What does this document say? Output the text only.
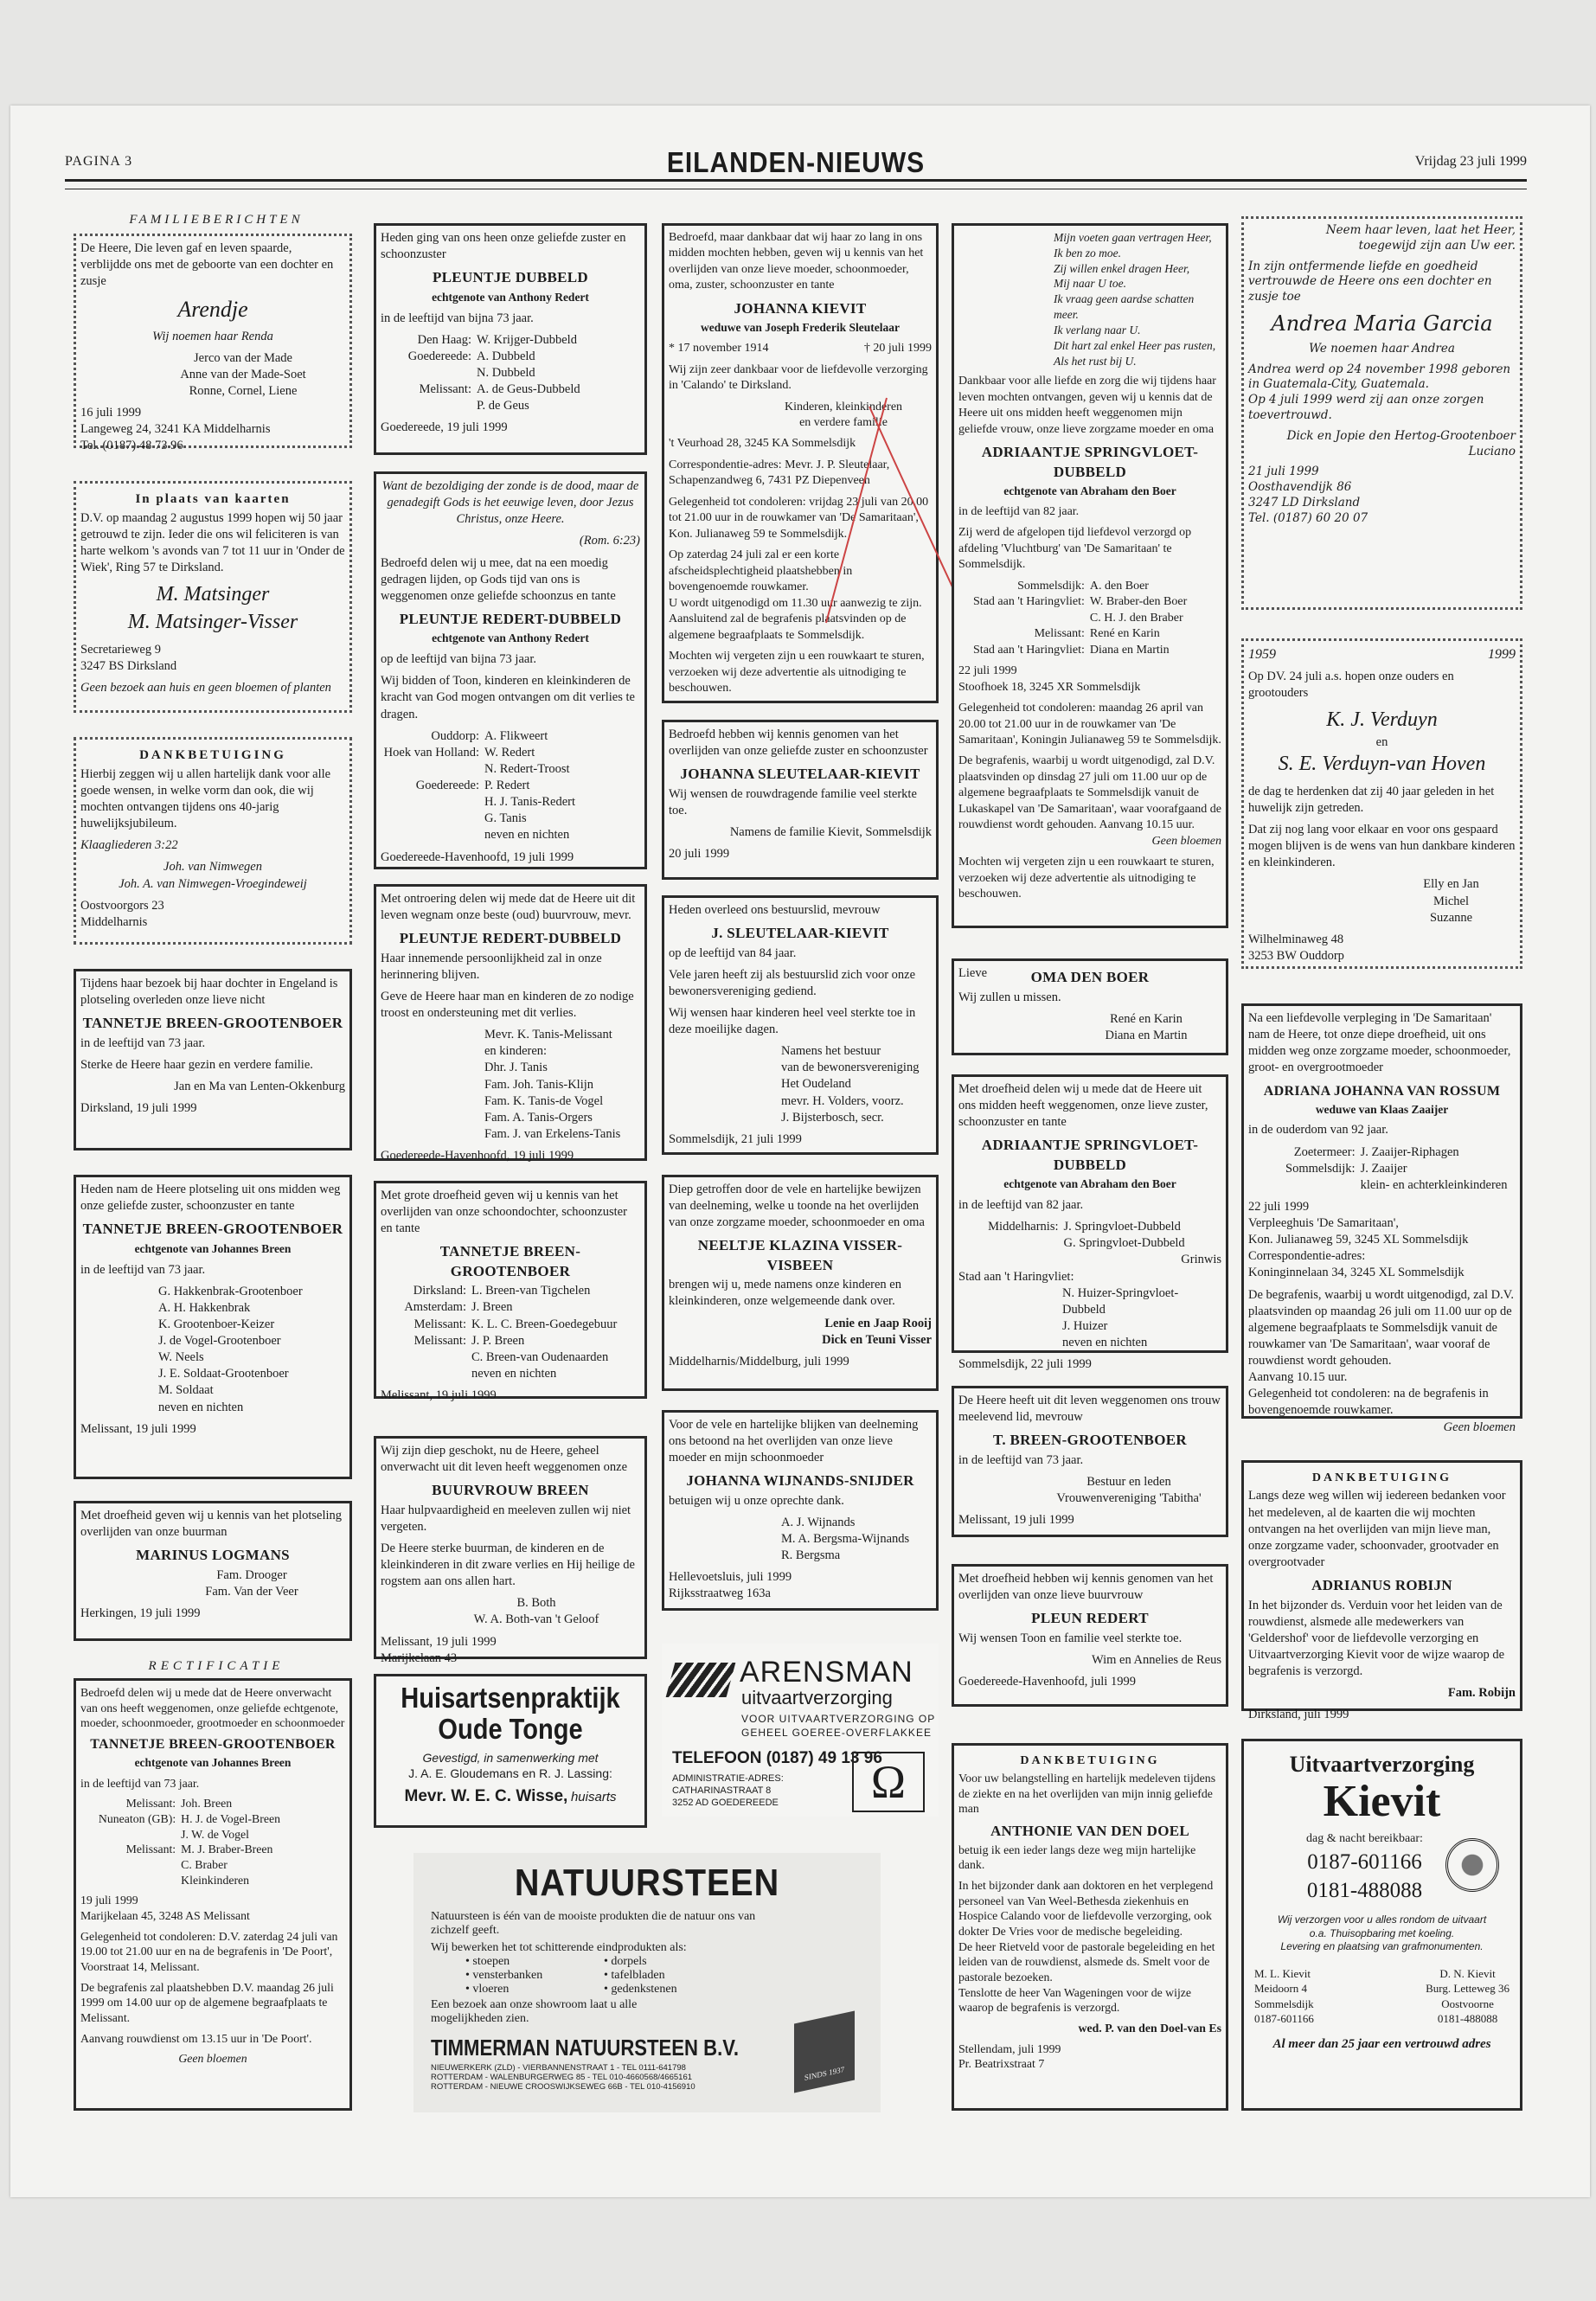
PAGINA 3	EILANDEN-NIEUWS	Vrijdag 23 juli 1999
FAMILIEBERICHTEN

De Heere, Die leven gaf en leven spaarde, verblijdde ons met de geboorte van een dochter en zusje

Arendje

Wij noemen haar Renda

Jerco van der Made
Anne van der Made-Soet
Ronne, Cornel, Liene

16 juli 1999
Langeweg 24, 3241 KA Middelharnis
Tel. (0187) 48 73 96
In plaats van kaarten

D.V. op maandag 2 augustus 1999 hopen wij 50 jaar getrouwd te zijn. Ieder die ons wil feliciteren is van harte welkom 's avonds van 7 tot 11 uur in 'Onder de Wiek', Ring 57 te Dirksland.

M. Matsinger
M. Matsinger-Visser

Secretarieweg 9
3247 BS Dirksland

Geen bezoek aan huis en geen bloemen of planten

DANKBETUIGING

Hierbij zeggen wij u allen hartelijk dank voor alle goede wensen, in welke vorm dan ook, die wij mochten ontvangen tijdens ons 40-jarig huwelijksjubileum.

Klaagliederen 3:22

Joh. van Nimwegen
Joh. A. van Nimwegen-Vroegindeweij

Oostvoorgors 23
Middelharnis

Tijdens haar bezoek bij haar dochter in Engeland is plotseling overleden onze lieve nicht

TANNETJE BREEN-GROOTENBOER

in de leeftijd van 73 jaar.

Sterke de Heere haar gezin en verdere familie.

Jan en Ma van Lenten-Okkenburg

Dirksland, 19 juli 1999

Heden nam de Heere plotseling uit ons midden weg onze geliefde zuster, schoonzuster en tante

TANNETJE BREEN-GROOTENBOER
echtgenote van Johannes Breen

in de leeftijd van 73 jaar.

G. Hakkenbrak-Grootenboer
A. H. Hakkenbrak
K. Grootenboer-Keizer
J. de Vogel-Grootenboer
W. Neels
J. E. Soldaat-Grootenboer
M. Soldaat
neven en nichten

Melissant, 19 juli 1999

Met droefheid geven wij u kennis van het plotseling overlijden van onze buurman

MARINUS LOGMANS

Fam. Drooger
Fam. Van der Veer

Herkingen, 19 juli 1999

RECTIFICATIE

Bedroefd delen wij u mede dat de Heere onverwacht van ons heeft weggenomen, onze geliefde echtgenote, moeder, schoonmoeder, grootmoeder en schoonmoeder

TANNETJE BREEN-GROOTENBOER
echtgenote van Johannes Breen

in de leeftijd van 73 jaar.

Melissant: Joh. Breen
Nuneaton (GB): H. J. de Vogel-Breen
J. W. de Vogel
Melissant: M. J. Braber-Breen
C. Braber
Kleinkinderen
19 juli 1999

Marijkelaan 45, 3248 AS Melissant

Gelegenheid tot condoleren: D.V. zaterdag 24 juli van 19.00 tot 21.00 uur en na de begrafenis in 'De Poort', Voorstraat 14, Melissant.

De begrafenis zal plaatshebben D.V. maandag 26 juli 1999 om 14.00 uur op de algemene begraafplaats te Melissant.

Aanvang rouwdienst om 13.15 uur in 'De Poort'.

Geen bloemen

Heden ging van ons heen onze geliefde zuster en schoonzuster

PLEUNTJE DUBBELD
echtgenote van Anthony Redert

in de leeftijd van bijna 73 jaar.

Den Haag: W. Krijger-Dubbeld
Goedereede: A. Dubbeld
N. Dubbeld
Melissant: A. de Geus-Dubbeld
P. de Geus

Goedereede, 19 juli 1999

Want de bezoldiging der zonde is de dood, maar de genadegift Gods is het eeuwige leven, door Jezus Christus, onze Heere.

(Rom. 6:23)

Bedroefd delen wij u mee, dat na een moedig gedragen lijden, op Gods tijd van ons is weggenomen onze geliefde schoonzus en tante

PLEUNTJE REDERT-DUBBELD
echtgenote van Anthony Redert

op de leeftijd van bijna 73 jaar.

Wij bidden of Toon, kinderen en kleinkinderen de kracht van God mogen ontvangen om dit verlies te dragen.

Ouddorp: A. Flikweert
Hoek van Holland: W. Redert
N. Redert-Troost
Goedereede: P. Redert
H. J. Tanis-Redert
G. Tanis
neven en nichten

Goedereede-Havenhoofd, 19 juli 1999

Met ontroering delen wij mede dat de Heere uit dit leven wegnam onze beste (oud) buurvrouw, mevr.

PLEUNTJE REDERT-DUBBELD

Haar innemende persoonlijkheid zal in onze herinnering blijven.

Geve de Heere haar man en kinderen de zo nodige troost en ondersteuning met dit verlies.

Mevr. K. Tanis-Melissant
en kinderen:
Dhr. J. Tanis
Fam. Joh. Tanis-Klijn
Fam. K. Tanis-de Vogel
Fam. A. Tanis-Orgers
Fam. J. van Erkelens-Tanis

Goedereede-Havenhoofd, 19 juli 1999

Met grote droefheid geven wij u kennis van het overlijden van onze schoondochter, schoonzuster en tante

TANNETJE BREEN-GROOTENBOER
Dirksland: L. Breen-van Tigchelen
Amsterdam: J. Breen
Melissant: K. L. C. Breen-Goedegebuur
Melissant: J. P. Breen
C. Breen-van Oudenaarden
neven en nichten

Melissant, 19 juli 1999

Wij zijn diep geschokt, nu de Heere, geheel onverwacht uit dit leven heeft weggenomen onze

BUURVROUW BREEN

Haar hulpvaardigheid en meeleven zullen wij niet vergeten.

De Heere sterke buurman, de kinderen en de kleinkinderen in dit zware verlies en Hij heilige de rogstem aan ons allen hart.

B. Both
W. A. Both-van 't Geloof

Melissant, 19 juli 1999
Marijkelaan 43

Huisartsenpraktijk
Oude Tonge
Gevestigd, in samenwerking met
J. A. E. Gloudemans en R. J. Lassing:
Mevr. W. E. C. Wisse, huisarts

Bedroefd, maar dankbaar dat wij haar zo lang in ons midden mochten hebben, geven wij u kennis van het overlijden van onze lieve moeder, schoonmoeder, oma, zuster, schoonzuster en tante

JOHANNA KIEVIT
weduwe van Joseph Frederik Sleutelaar

* 17 november 1914	† 20 juli 1999

Wij zijn zeer dankbaar voor de liefdevolle verzorging in 'Calando' te Dirksland.

Kinderen, kleinkinderen
en verdere familie

't Veurhoad 28, 3245 KA Sommelsdijk

Correspondentie-adres: Mevr. J. P. Sleutelaar, Schapenzandweg 6, 7431 PZ Diepenveen

Gelegenheid tot condoleren: vrijdag 23 juli van 20.00 tot 21.00 uur in de rouwkamer van 'De Samaritaan', Kon. Julianaweg 59 te Sommelsdijk.

Op zaterdag 24 juli zal er een korte afscheidsplechtigheid plaatshebben in bovengenoemde rouwkamer.

U wordt uitgenodigd om 11.30 uur aanwezig te zijn.

Aansluitend zal de begrafenis plaatsvinden op de algemene begraafplaats te Sommelsdijk.

Mochten wij vergeten zijn u een rouwkaart te sturen, verzoeken wij deze advertentie als uitnodiging te beschouwen.

Bedroefd hebben wij kennis genomen van het overlijden van onze geliefde zuster en schoonzuster

JOHANNA SLEUTELAAR-KIEVIT

Wij wensen de rouwdragende familie veel sterkte toe.

Namens de familie Kievit, Sommelsdijk

20 juli 1999

Heden overleed ons bestuurslid, mevrouw

J. SLEUTELAAR-KIEVIT

op de leeftijd van 84 jaar.

Vele jaren heeft zij als bestuurslid zich voor onze bewonersvereniging gediend.

Wij wensen haar kinderen heel veel sterkte toe in deze moeilijke dagen.

Namens het bestuur
van de bewonersvereniging
Het Oudeland

mevr. H. Volders, voorz.
J. Bijsterbosch, secr.

Sommelsdijk, 21 juli 1999

Diep getroffen door de vele en hartelijke bewijzen van deelneming, welke u toonde na het overlijden van onze zorgzame moeder, schoonmoeder en oma

NEELTJE KLAZINA VISSER-VISBEEN

brengen wij u, mede namens onze kinderen en kleinkinderen, onze welgemeende dank over.

Lenie en Jaap Rooij
Dick en Teuni Visser

Middelharnis/Middelburg, juli 1999

Voor de vele en hartelijke blijken van deelneming ons betoond na het overlijden van onze lieve moeder en mijn schoonmoeder

JOHANNA WIJNANDS-SNIJDER

betuigen wij u onze oprechte dank.

A. J. Wijnands
M. A. Bergsma-Wijnands
R. Bergsma

Hellevoetsluis, juli 1999
Rijksstraatweg 163a

ARENSMAN
uitvaartverzorging
VOOR UITVAARTVERZORGING OP
GEHEEL GOEREE-OVERFLAKKEE
TELEFOON (0187) 49 13 96
ADMINISTRATIE-ADRES:
CATHARINASTRAAT 8
3252 AD GOEDEREEDE	Ω
NATUURSTEEN
Natuursteen is één van de mooiste produkten die de natuur ons van zichzelf geeft.
Wij bewerken het tot schitterende eindprodukten als:
• stoepen	• dorpels
• vensterbanken	• tafelbladen
• vloeren	• gedenkstenen
Een bezoek aan onze showroom laat u alle mogelijkheden zien.
TIMMERMAN NATUURSTEEN B.V.
NIEUWERKERK (ZLD) - VIERBANNENSTRAAT 1 - TEL 0111-641798
ROTTERDAM - WALENBURGERWEG 85 - TEL 010-4660568/4665161
ROTTERDAM - NIEUWE CROOSWIJKSEWEG 66B - TEL 010-4156910
SINDS 1937

Mijn voeten gaan vertragen Heer,
Ik ben zo moe.
Zij willen enkel dragen Heer,
Mij naar U toe.
Ik vraag geen aardse schatten meer.
Ik verlang naar U.
Dit hart zal enkel Heer pas rusten,
Als het rust bij U.

Dankbaar voor alle liefde en zorg die wij tijdens haar leven mochten ontvangen, geven wij u kennis dat de Heere uit ons midden heeft weggenomen mijn geliefde vrouw, onze lieve zorgzame moeder en oma

ADRIAANTJE SPRINGVLOET-DUBBELD
echtgenote van Abraham den Boer

in de leeftijd van 82 jaar.

Zij werd de afgelopen tijd liefdevol verzorgd op afdeling 'Vluchtburg' van 'De Samaritaan' te Sommelsdijk.

Sommelsdijk: A. den Boer
Stad aan 't Haringvliet: W. Braber-den Boer
C. H. J. den Braber
Melissant: René en Karin
Stad aan 't Haringvliet: Diana en Martin
22 juli 1999

Stoofhoek 18, 3245 XR Sommelsdijk

Gelegenheid tot condoleren: maandag 26 april van 20.00 tot 21.00 uur in de rouwkamer van 'De Samaritaan', Koningin Julianaweg 59 te Sommelsdijk.

De begrafenis, waarbij u wordt uitgenodigd, zal D.V. plaatsvinden op dinsdag 27 juli om 11.00 uur op de algemene begraafplaats te Sommelsdijk vanuit de Lukaskapel van 'De Samaritaan', waar voorafgaand de rouwdienst wordt gehouden. Aanvang 10.15 uur.

Geen bloemen

Mochten wij vergeten zijn u een rouwkaart te sturen, verzoeken wij deze advertentie als uitnodiging te beschouwen.

Lieve	OMA DEN BOER

Wij zullen u missen.

René en Karin
Diana en Martin

Met droefheid delen wij u mede dat de Heere uit ons midden heeft weggenomen, onze lieve zuster, schoonzuster en tante

ADRIAANTJE SPRINGVLOET-DUBBELD
echtgenote van Abraham den Boer

in de leeftijd van 82 jaar.

Middelharnis: J. Springvloet-Dubbeld
G. Springvloet-Dubbeld
Grinwis
Stad aan 't Haringvliet:
N. Huizer-Springvloet-Dubbeld
J. Huizer
neven en nichten

Sommelsdijk, 22 juli 1999

De Heere heeft uit dit leven weggenomen ons trouw meelevend lid, mevrouw

T. BREEN-GROOTENBOER

in de leeftijd van 73 jaar.

Bestuur en leden
Vrouwenvereniging 'Tabitha'

Melissant, 19 juli 1999

Met droefheid hebben wij kennis genomen van het overlijden van onze lieve buurvrouw

PLEUN REDERT

Wij wensen Toon en familie veel sterkte toe.

Wim en Annelies de Reus

Goedereede-Havenhoofd, juli 1999

DANKBETUIGING

Voor uw belangstelling en hartelijk medeleven tijdens de ziekte en na het overlijden van mijn innig geliefde man

ANTHONIE VAN DEN DOEL

betuig ik een ieder langs deze weg mijn hartelijke dank.

In het bijzonder dank aan doktoren en het verplegend personeel van Van Weel-Bethesda ziekenhuis en Hospice Calando voor de liefdevolle verzorging, ook dokter De Vries voor de medische begeleiding.

De heer Rietveld voor de pastorale begeleiding en het leiden van de rouwdienst, alsmede ds. Smelt voor de pastorale bezoeken.

Tenslotte de heer Van Wageningen voor de wijze waarop de begrafenis is verzorgd.

wed. P. van den Doel-van Es

Stellendam, juli 1999
Pr. Beatrixstraat 7

Neem haar leven, laat het Heer,
toegewijd zijn aan Uw eer.

In zijn ontfermende liefde en goedheid vertrouwde de Heere ons een dochter en zusje toe

Andrea Maria Garcia

We noemen haar Andrea

Andrea werd op 24 november 1998 geboren in Guatemala-City, Guatemala.

Op 4 juli 1999 werd zij aan onze zorgen toevertrouwd.

Dick en Jopie den Hertog-Grootenboer
Luciano

21 juli 1999

Oosthavendijk 86
3247 LD Dirksland
Tel. (0187) 60 20 07

1959	1999

Op DV. 24 juli a.s. hopen onze ouders en grootouders

K. J. Verduyn
en
S. E. Verduyn-van Hoven

de dag te herdenken dat zij 40 jaar geleden in het huwelijk zijn getreden.

Dat zij nog lang voor elkaar en voor ons gespaard mogen blijven is de wens van hun dankbare kinderen en kleinkinderen.

Elly en Jan
Michel
Suzanne

Wilhelminaweg 48
3253 BW Ouddorp

Na een liefdevolle verpleging in 'De Samaritaan' nam de Heere, tot onze diepe droefheid, uit ons midden weg onze zorgzame moeder, schoonmoeder, groot- en overgrootmoeder

ADRIANA JOHANNA VAN ROSSUM
weduwe van Klaas Zaaijer

in de ouderdom van 92 jaar.

Zoetermeer: J. Zaaijer-Riphagen
Sommelsdijk: J. Zaaijer
klein- en achterkleinkinderen
22 juli 1999
Verpleeghuis 'De Samaritaan',
Kon. Julianaweg 59, 3245 XL Sommelsdijk

Correspondentie-adres:
Koninginnelaan 34, 3245 XL Sommelsdijk

De begrafenis, waarbij u wordt uitgenodigd, zal D.V. plaatsvinden op maandag 26 juli om 11.00 uur op de algemene begraafplaats te Sommelsdijk vanuit de rouwkamer van 'De Samaritaan', waar vooraf de rouwdienst wordt gehouden.

Aanvang 10.15 uur.

Gelegenheid tot condoleren: na de begrafenis in bovengenoemde rouwkamer.

Geen bloemen

DANKBETUIGING

Langs deze weg willen wij iedereen bedanken voor het medeleven, al de kaarten die wij mochten ontvangen na het overlijden van mijn lieve man, onze zorgzame vader, schoonvader, grootvader en overgrootvader

ADRIANUS ROBIJN

In het bijzonder ds. Verduin voor het leiden van de rouwdienst, alsmede alle medewerkers van 'Geldershof' voor de liefdevolle verzorging en Uitvaartverzorging Kievit voor de wijze waarop de begrafenis is verzorgd.

Fam. Robijn

Dirksland, juli 1999

Uitvaartverzorging
Kievit
dag & nacht bereikbaar:
0187-601166
0181-488088
Wij verzorgen voor u alles rondom de uitvaart
o.a. Thuisopbaring met koeling.
Levering en plaatsing van grafmonumenten.
M. L. Kievit
Meidoorn 4
Sommelsdijk
0187-601166
D. N. Kievit
Burg. Letteweg 36
Oostvoorne
0181-488088
Al meer dan 25 jaar een vertrouwd adres
